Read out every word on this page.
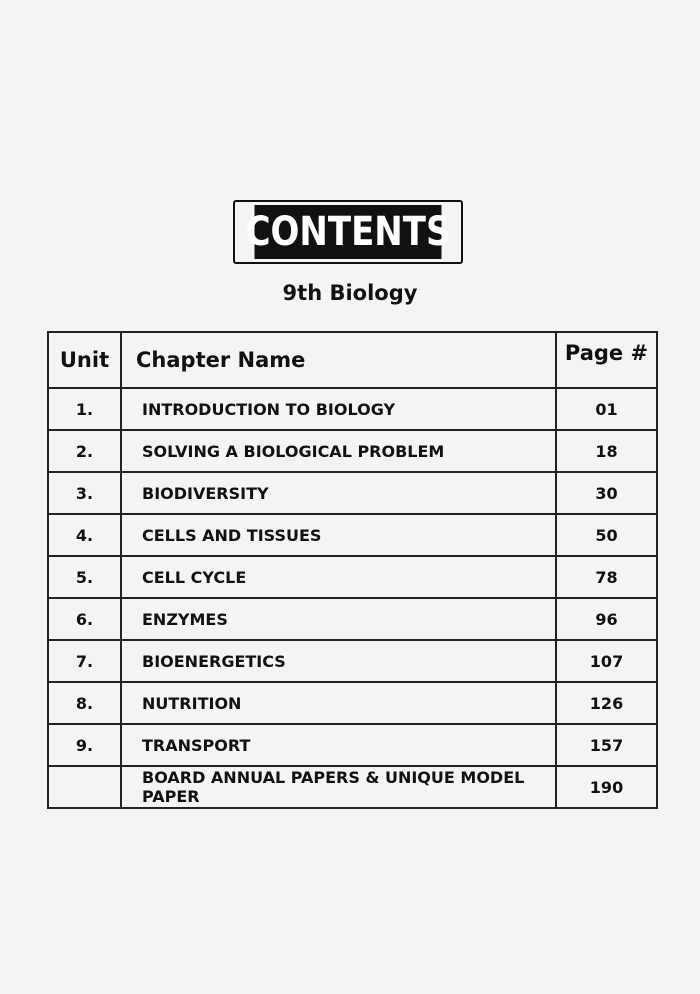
CONTENTS
9th Biology
Unit	Chapter Name	Page #
1.	INTRODUCTION TO BIOLOGY	01
2.	SOLVING A BIOLOGICAL PROBLEM	18
3.	BIODIVERSITY	30
4.	CELLS AND TISSUES	50
5.	CELL CYCLE	78
6.	ENZYMES	96
7.	BIOENERGETICS	107
8.	NUTRITION	126
9.	TRANSPORT	157
	BOARD ANNUAL PAPERS & UNIQUE MODEL PAPER	190
